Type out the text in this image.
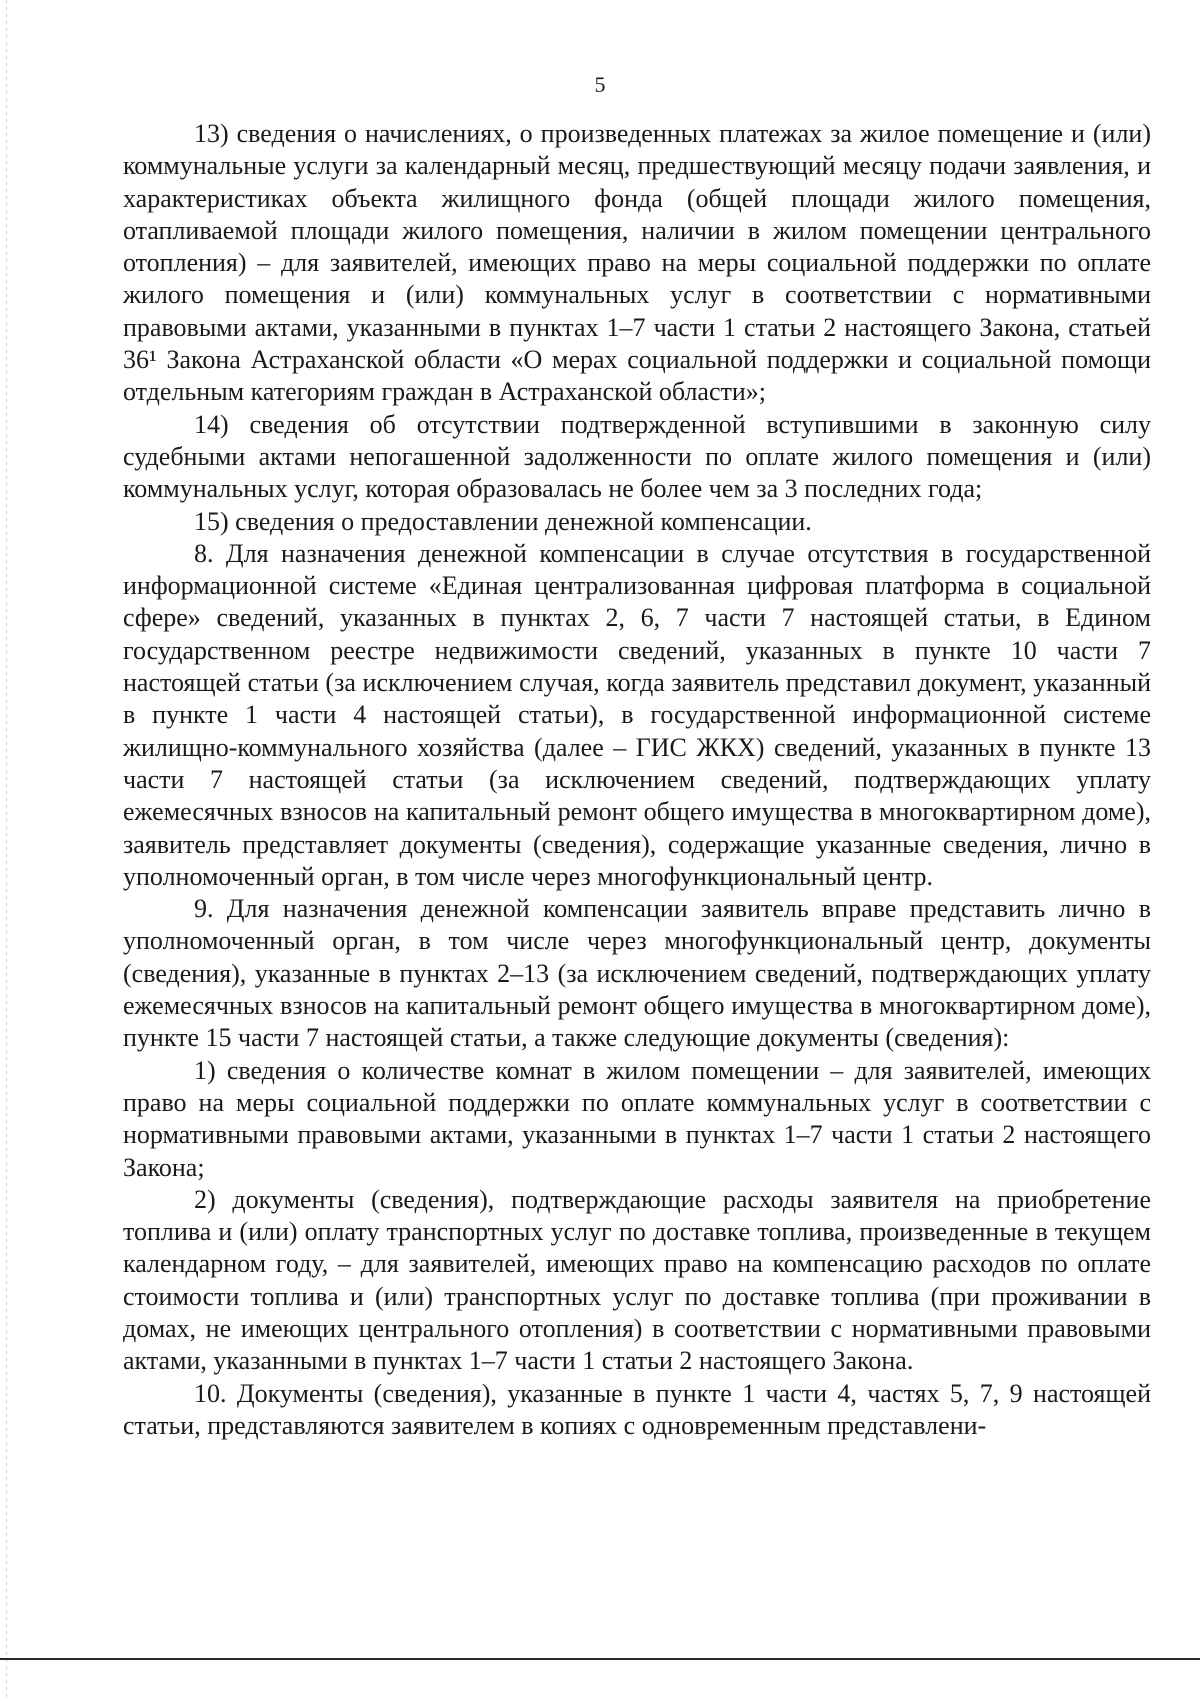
5

13) сведения о начислениях, о произведенных платежах за жилое помещение и (или) коммунальные услуги за календарный месяц, предшествующий месяцу подачи заявления, и характеристиках объекта жилищного фонда (общей площади жилого помещения, отапливаемой площади жилого помещения, наличии в жилом помещении центрального отопления) – для заявителей, имеющих право на меры социальной поддержки по оплате жилого помещения и (или) коммунальных услуг в соответствии с нормативными правовыми актами, указанными в пунктах 1–7 части 1 статьи 2 настоящего Закона, статьей 36¹ Закона Астраханской области «О мерах социальной поддержки и социальной помощи отдельным категориям граждан в Астраханской области»;

14) сведения об отсутствии подтвержденной вступившими в законную силу судебными актами непогашенной задолженности по оплате жилого помещения и (или) коммунальных услуг, которая образовалась не более чем за 3 последних года;

15) сведения о предоставлении денежной компенсации.

8. Для назначения денежной компенсации в случае отсутствия в государственной информационной системе «Единая централизованная цифровая платформа в социальной сфере» сведений, указанных в пунктах 2, 6, 7 части 7 настоящей статьи, в Едином государственном реестре недвижимости сведений, указанных в пункте 10 части 7 настоящей статьи (за исключением случая, когда заявитель представил документ, указанный в пункте 1 части 4 настоящей статьи), в государственной информационной системе жилищно-коммунального хозяйства (далее – ГИС ЖКХ) сведений, указанных в пункте 13 части 7 настоящей статьи (за исключением сведений, подтверждающих уплату ежемесячных взносов на капитальный ремонт общего имущества в многоквартирном доме), заявитель представляет документы (сведения), содержащие указанные сведения, лично в уполномоченный орган, в том числе через многофункциональный центр.

9. Для назначения денежной компенсации заявитель вправе представить лично в уполномоченный орган, в том числе через многофункциональный центр, документы (сведения), указанные в пунктах 2–13 (за исключением сведений, подтверждающих уплату ежемесячных взносов на капитальный ремонт общего имущества в многоквартирном доме), пункте 15 части 7 настоящей статьи, а также следующие документы (сведения):

1) сведения о количестве комнат в жилом помещении – для заявителей, имеющих право на меры социальной поддержки по оплате коммунальных услуг в соответствии с нормативными правовыми актами, указанными в пунктах 1–7 части 1 статьи 2 настоящего Закона;

2) документы (сведения), подтверждающие расходы заявителя на приобретение топлива и (или) оплату транспортных услуг по доставке топлива, произведенные в текущем календарном году, – для заявителей, имеющих право на компенсацию расходов по оплате стоимости топлива и (или) транспортных услуг по доставке топлива (при проживании в домах, не имеющих центрального отопления) в соответствии с нормативными правовыми актами, указанными в пунктах 1–7 части 1 статьи 2 настоящего Закона.

10. Документы (сведения), указанные в пункте 1 части 4, частях 5, 7, 9 настоящей статьи, представляются заявителем в копиях с одновременным представлени-
